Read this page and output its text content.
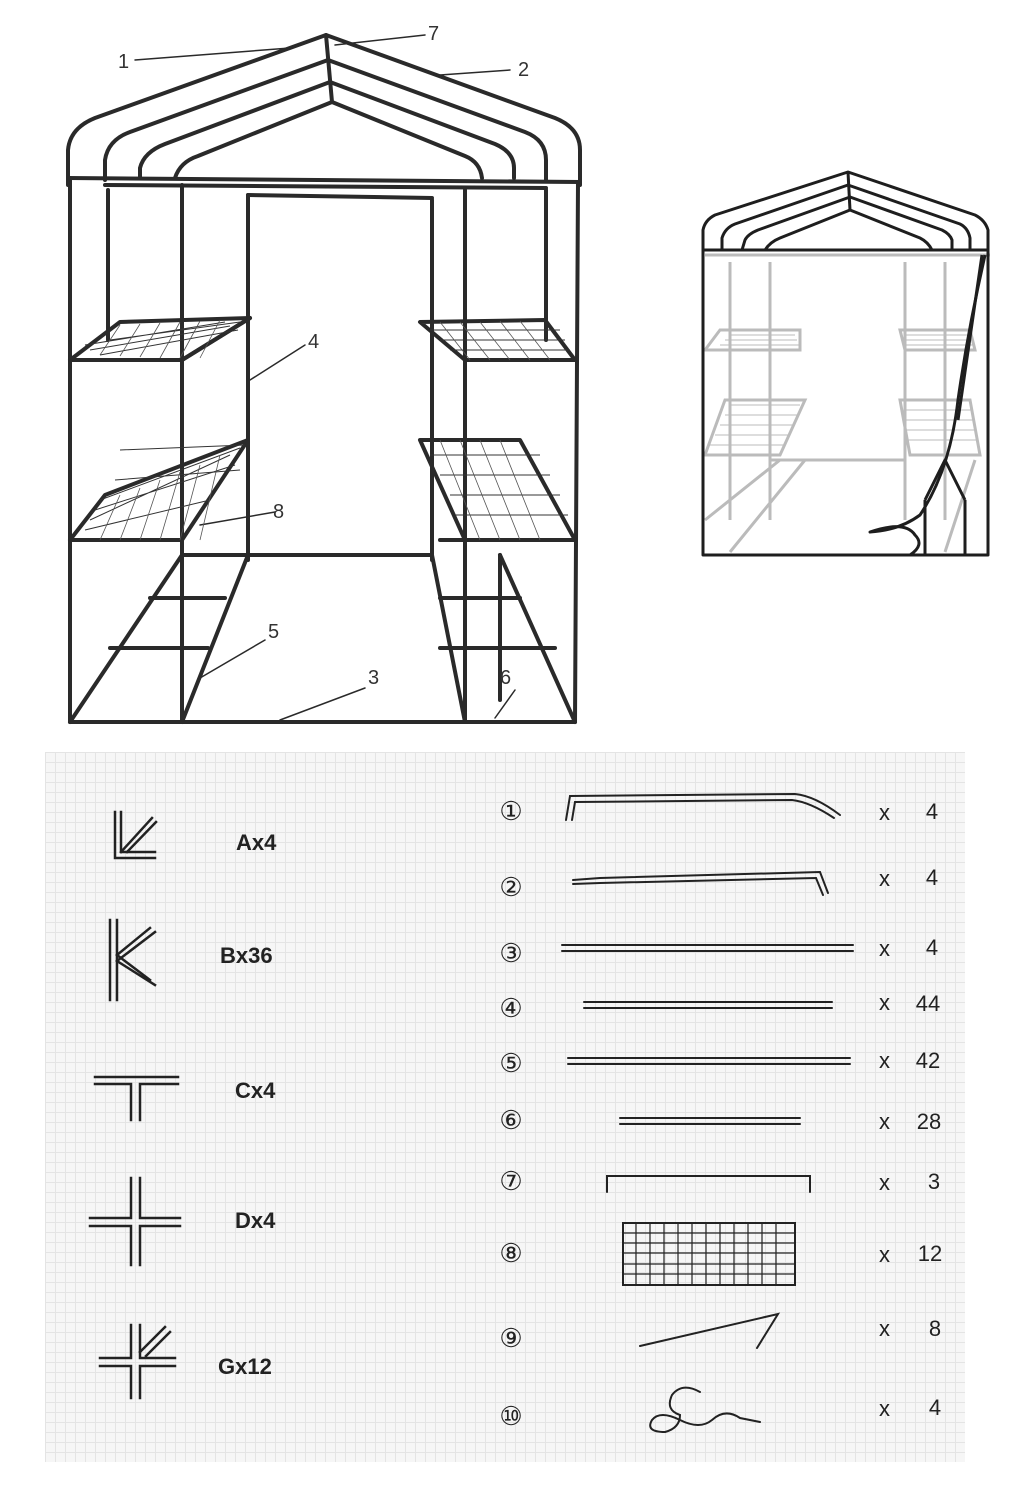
1	2
3
4
5
6
7
8
Ax4
Bx36
Cx4
Dx4
Gx12
①
②
③
④
⑤
⑥
⑦
⑧
⑨
⑩
x
x
x
x
x
x
x
x
x
x
4
4
4
44
42
28
3
12
8
4
